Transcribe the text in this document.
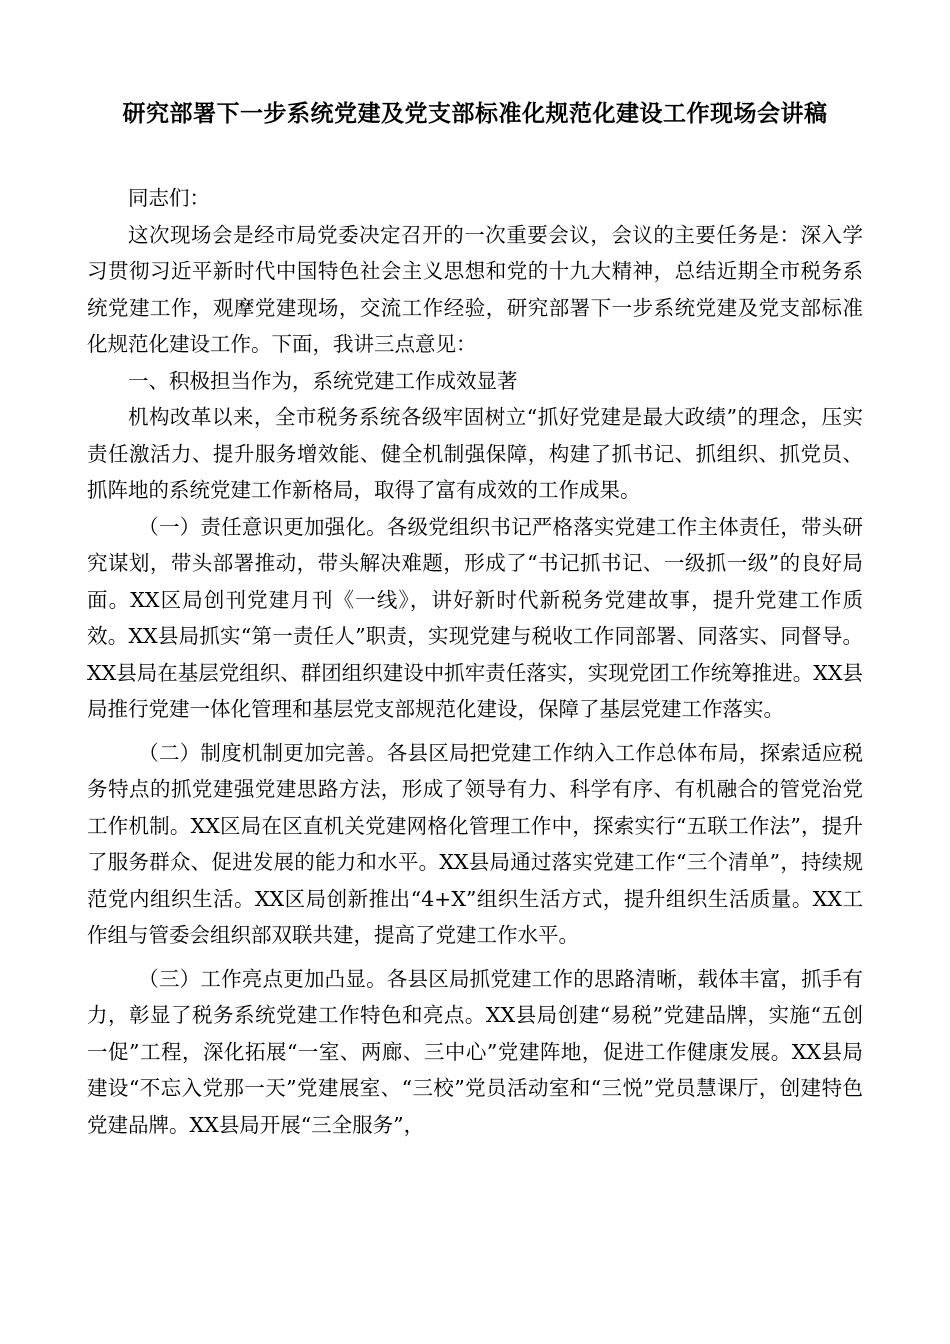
研究部署下一步系统党建及党支部标准化规范化建设工作现场会讲稿

同志们：

这次现场会是经市局党委决定召开的一次重要会议，会议的主要任务是：深入学习贯彻习近平新时代中国特色社会主义思想和党的十九大精神，总结近期全市税务系统党建工作，观摩党建现场，交流工作经验，研究部署下一步系统党建及党支部标准化规范化建设工作。下面，我讲三点意见：

一、积极担当作为，系统党建工作成效显著

机构改革以来，全市税务系统各级牢固树立“抓好党建是最大政绩”的理念，压实责任激活力、提升服务增效能、健全机制强保障，构建了抓书记、抓组织、抓党员、抓阵地的系统党建工作新格局，取得了富有成效的工作成果。

（一）责任意识更加强化。各级党组织书记严格落实党建工作主体责任，带头研究谋划，带头部署推动，带头解决难题，形成了“书记抓书记、一级抓一级”的良好局面。XX区局创刊党建月刊《一线》，讲好新时代新税务党建故事，提升党建工作质效。XX县局抓实“第一责任人”职责，实现党建与税收工作同部署、同落实、同督导。XX县局在基层党组织、群团组织建设中抓牢责任落实，实现党团工作统筹推进。XX县局推行党建一体化管理和基层党支部规范化建设，保障了基层党建工作落实。

（二）制度机制更加完善。各县区局把党建工作纳入工作总体布局，探索适应税务特点的抓党建强党建思路方法，形成了领导有力、科学有序、有机融合的管党治党工作机制。XX区局在区直机关党建网格化管理工作中，探索实行“五联工作法”，提升了服务群众、促进发展的能力和水平。XX县局通过落实党建工作“三个清单”，持续规范党内组织生活。XX区局创新推出“4+X”组织生活方式，提升组织生活质量。XX工作组与管委会组织部双联共建，提高了党建工作水平。

（三）工作亮点更加凸显。各县区局抓党建工作的思路清晰，载体丰富，抓手有力，彰显了税务系统党建工作特色和亮点。XX县局创建“易税”党建品牌，实施“五创一促”工程，深化拓展“一室、两廊、三中心”党建阵地，促进工作健康发展。XX县局建设“不忘入党那一天”党建展室、“三校”党员活动室和“三悦”党员慧课厅，创建特色党建品牌。XX县局开展“三全服务”，
